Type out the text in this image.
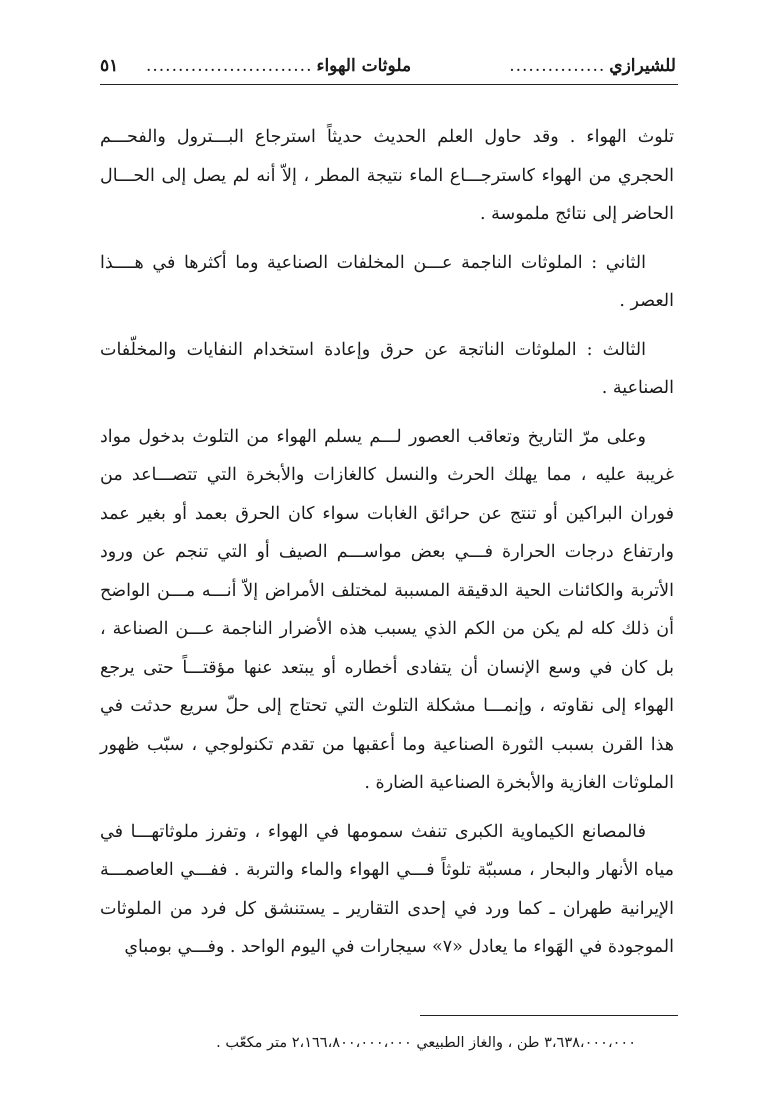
للشيرازي
...............
ملوثات الهواء
..........................
٥١

تلوث الهواء . وقد حاول العلم الحديث حديثاً استرجاع البـــترول والفحـــم الحجري من الهواء كاسترجـــاع الماء نتيجة المطر ، إلاّ أنه لم يصل إلى الحـــال الحاضر إلى نتائج ملموسة .

الثاني : الملوثات الناجمة عـــن المخلفات الصناعية وما أكثرها في هــــذا العصر .

الثالث : الملوثات الناتجة عن حرق وإعادة استخدام النفايات والمخلّفات الصناعية .

وعلى مرّ التاريخ وتعاقب العصور لـــم يسلم الهواء من التلوث بدخول مواد غريبة عليه ، مما يهلك الحرث والنسل كالغازات والأبخرة التي تتصـــاعد من فوران البراكين أو تنتج عن حرائق الغابات سواء كان الحرق بعمد أو بغير عمد وارتفاع درجات الحرارة فـــي بعض مواســـم الصيف أو التي تنجم عن ورود الأتربة والكائنات الحية الدقيقة المسببة لمختلف الأمراض إلاّ أنـــه مـــن الواضح أن ذلك كله لم يكن من الكم الذي يسبب هذه الأضرار الناجمة عـــن الصناعة ، بل كان في وسع الإنسان أن يتفادى أخطاره أو يبتعد عنها مؤقتـــاً حتى يرجع الهواء إلى نقاوته ، وإنمـــا مشكلة التلوث التي تحتاج إلى حلّ سريع حدثت في هذا القرن بسبب الثورة الصناعية وما أعقبها من تقدم تكنولوجي ، سبّب ظهور الملوثات الغازية والأبخرة الصناعية الضارة .

فالمصانع الكيماوية الكبرى تنفث سمومها في الهواء ، وتفرز ملوثاتهـــا في مياه الأنهار والبحار ، مسببّة تلوثاً فـــي الهواء والماء والتربة . ففـــي العاصمـــة الإيرانية طهران ـ كما ورد في إحدى التقارير ـ يستنشق كل فرد من الملوثات الموجودة في الهَواء ما يعادل «٧» سيجارات في اليوم الواحد . وفـــي بومباي

٣،٦٣٨،٠٠٠،٠٠٠ طن ، والغاز الطبيعي ٢،١٦٦،٨٠٠،٠٠٠،٠٠٠ متر مكعّب .
